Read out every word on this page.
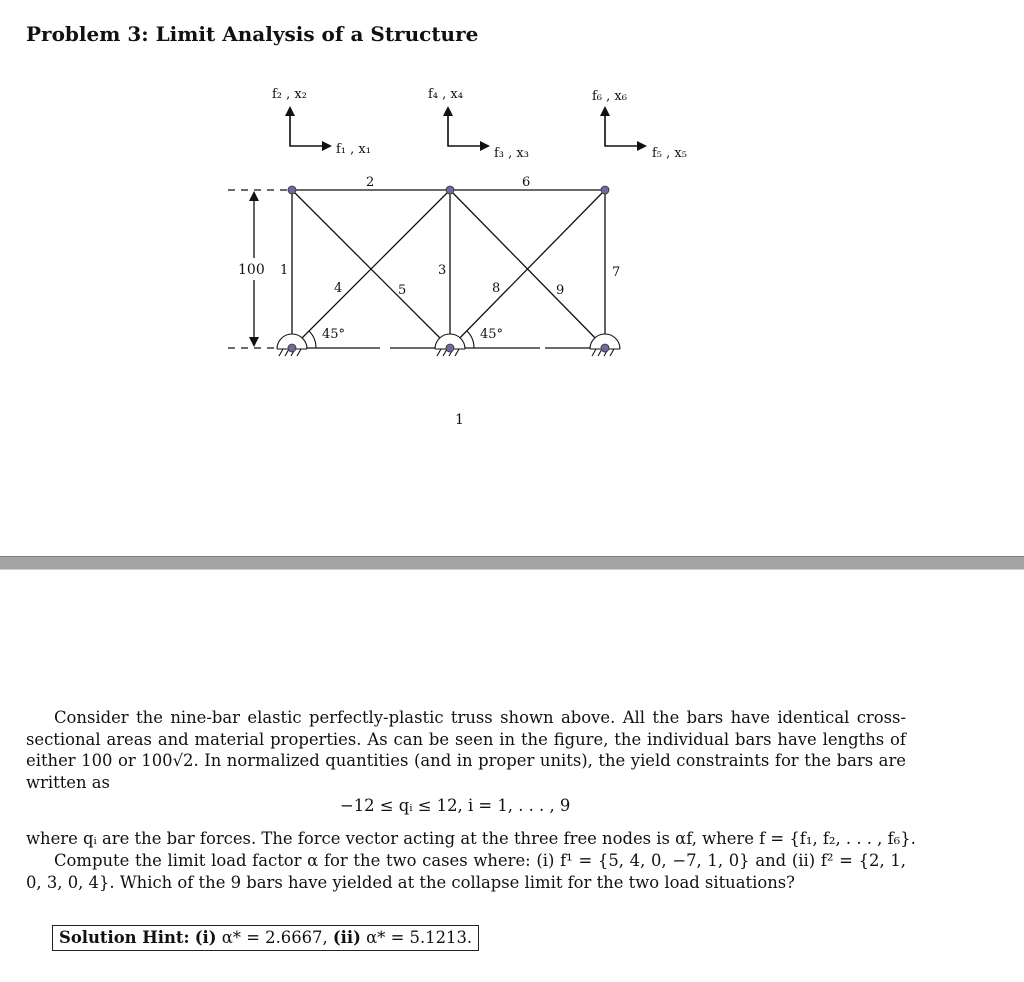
Problem 3: Limit Analysis of a Structure
100
f₂ , x₂
f₁ , x₁
f₄ , x₄
f₃ , x₃
f₆ , x₆
f₅ , x₅
1
2
3
4	5
6
7
8	9
45°	45°
1
Consider the nine-bar elastic perfectly-plastic truss shown above. All the bars have identical cross-sectional areas and material properties. As can be seen in the figure, the individual bars have lengths of either 100 or 100√2. In normalized quantities (and in proper units), the yield constraints for the bars are written as
−12 ≤ qᵢ ≤ 12, i = 1, . . . , 9
where qᵢ are the bar forces. The force vector acting at the three free nodes is αf, where f = {f₁, f₂, . . . , f₆}.
Compute the limit load factor α for the two cases where: (i) f¹ = {5, 4, 0, −7, 1, 0} and (ii) f² = {2, 1, 0, 3, 0, 4}. Which of the 9 bars have yielded at the collapse limit for the two load situations?
Solution Hint: (i) α* = 2.6667, (ii) α* = 5.1213.
